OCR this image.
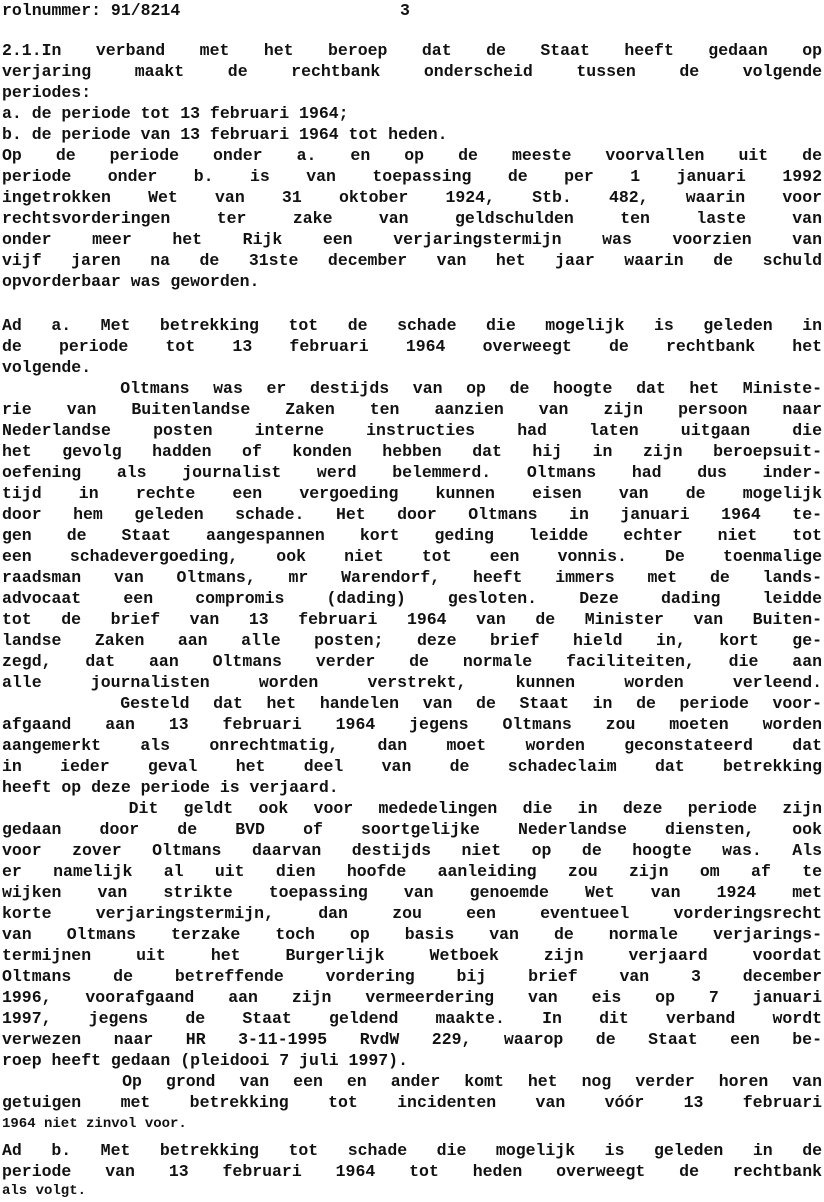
rolnummer: 91/8214	3
2.1.In verband met het beroep dat de Staat heeft gedaan op
verjaring maakt de rechtbank onderscheid tussen de volgende
periodes:
a. de periode tot 13 februari 1964;
b. de periode van 13 februari 1964 tot heden.
Op de periode onder a. en op de meeste voorvallen uit de
periode onder b. is van toepassing de per 1 januari 1992
ingetrokken Wet van 31 oktober 1924, Stb. 482, waarin voor
rechtsvorderingen ter zake van geldschulden ten laste van
onder meer het Rijk een verjaringstermijn was voorzien van
vijf jaren na de 31ste december van het jaar waarin de schuld
opvorderbaar was geworden.
Ad a. Met betrekking tot de schade die mogelijk is geleden in
de periode tot 13 februari 1964 overweegt de rechtbank het
volgende.
Oltmans was er destijds van op de hoogte dat het Ministe-
rie van Buitenlandse Zaken ten aanzien van zijn persoon naar
Nederlandse posten interne instructies had laten uitgaan die
het gevolg hadden of konden hebben dat hij in zijn beroepsuit-
oefening als journalist werd belemmerd. Oltmans had dus inder-
tijd in rechte een vergoeding kunnen eisen van de mogelijk
door hem geleden schade. Het door Oltmans in januari 1964 te-
gen de Staat aangespannen kort geding leidde echter niet tot
een schadevergoeding, ook niet tot een vonnis. De toenmalige
raadsman van Oltmans, mr Warendorf, heeft immers met de lands-
advocaat een compromis (dading) gesloten. Deze dading leidde
tot de brief van 13 februari 1964 van de Minister van Buiten-
landse Zaken aan alle posten; deze brief hield in, kort ge-
zegd, dat aan Oltmans verder de normale faciliteiten, die aan
alle journalisten worden verstrekt, kunnen worden verleend.
Gesteld dat het handelen van de Staat in de periode voor-
afgaand aan 13 februari 1964 jegens Oltmans zou moeten worden
aangemerkt als onrechtmatig, dan moet worden geconstateerd dat
in ieder geval het deel van de schadeclaim dat betrekking
heeft op deze periode is verjaard.
Dit geldt ook voor mededelingen die in deze periode zijn
gedaan door de BVD of soortgelijke Nederlandse diensten, ook
voor zover Oltmans daarvan destijds niet op de hoogte was. Als
er namelijk al uit dien hoofde aanleiding zou zijn om af te
wijken van strikte toepassing van genoemde Wet van 1924 met
korte verjaringstermijn, dan zou een eventueel vorderingsrecht
van Oltmans terzake toch op basis van de normale verjarings-
termijnen uit het Burgerlijk Wetboek zijn verjaard voordat
Oltmans de betreffende vordering bij brief van 3 december
1996, voorafgaand aan zijn vermeerdering van eis op 7 januari
1997, jegens de Staat geldend maakte. In dit verband wordt
verwezen naar HR 3-11-1995 RvdW 229, waarop de Staat een be-
roep heeft gedaan (pleidooi 7 juli 1997).
Op grond van een en ander komt het nog verder horen van
getuigen met betrekking tot incidenten van vóór 13 februari
1964 niet zinvol voor.
Ad b. Met betrekking tot schade die mogelijk is geleden in de
periode van 13 februari 1964 tot heden overweegt de rechtbank
als volgt.
